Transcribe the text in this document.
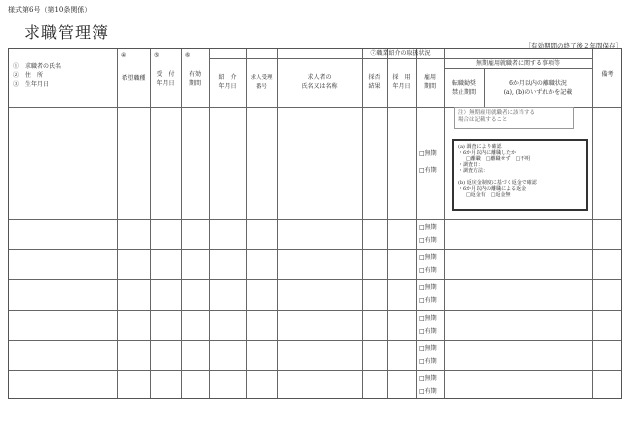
様式第6号（第10条関係）
求職管理簿
［有効期間の終了後２年間保存］
①　求職者の氏名
②　住　所
③　生年月日
④
希望職種
⑤
受　付
年月日
⑥
有効
期間
⑦職業紹介の取扱状況
紹　介
年月日
求人受理
番号
求人者の
氏名又は名称
採否
結果
採　用
年月日
雇用
期間
無期雇用就職者に関する事項等
転職勧奨
禁止期間
6か月以内の離職状況
(a), (b)のいずれかを記載
備考
□無期
□有期
□無期
□有期
□無期
□有期
□無期
□有期
□無期
□有期
□無期
□有期
□無期
□有期
注）無期雇用就職者に該当する
場合は記載すること
(a) 調査により確認
・6か月以内に離職したか
□離職　□離職せず　□不明
・調査日：
・調査方法：
(b) 返戻金制度に基づく返金で確認
・6か月以内の離職による返金
□返金有　□返金無
